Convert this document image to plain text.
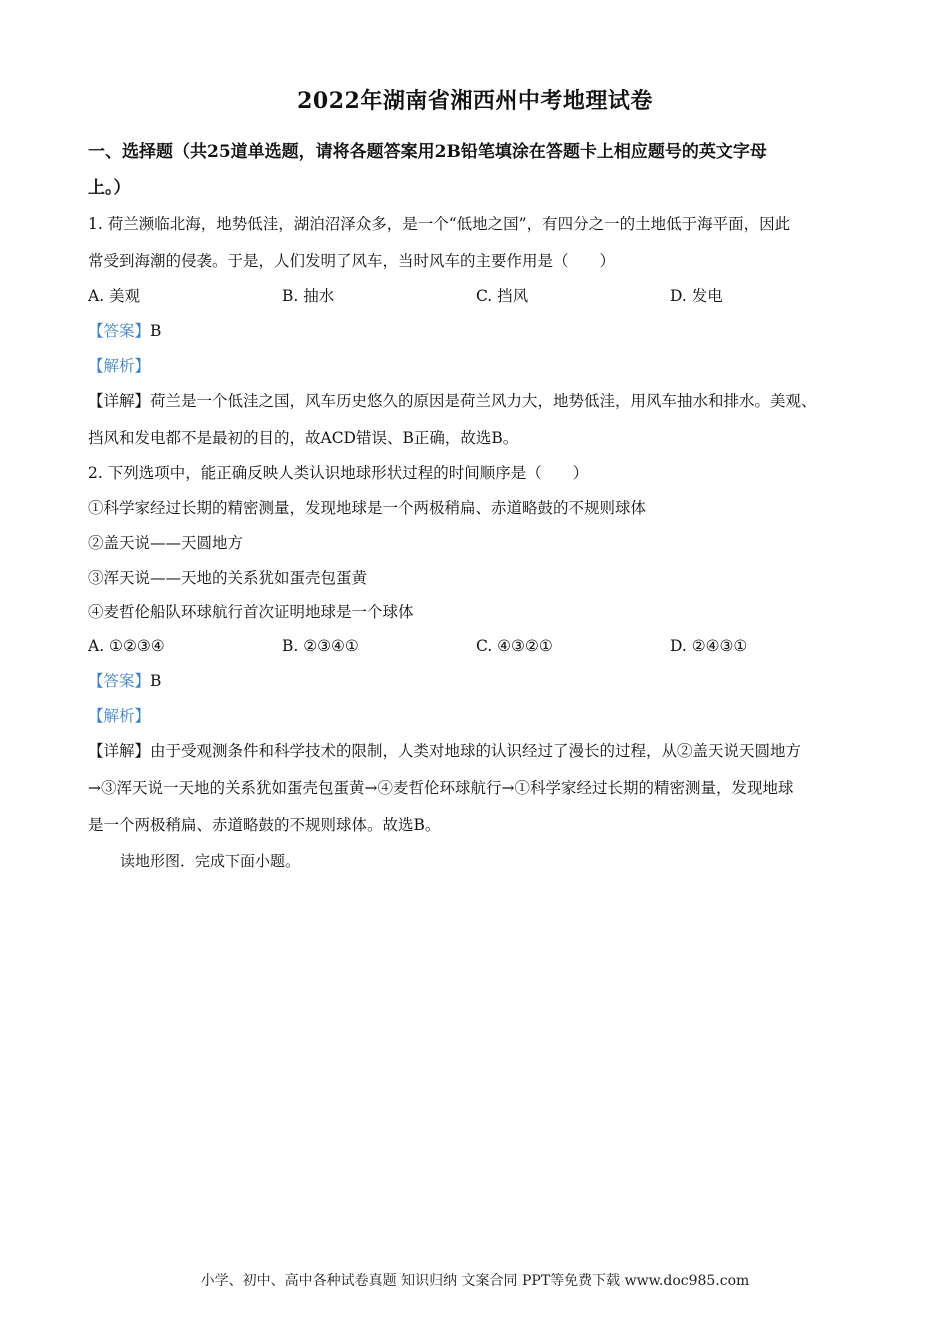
2022年湖南省湘西州中考地理试卷
一、选择题（共25道单选题，请将各题答案用2B铅笔填涂在答题卡上相应题号的英文字母
上。）
1. 荷兰濒临北海，地势低洼，湖泊沼泽众多，是一个“低地之国”，有四分之一的土地低于海平面，因此
常受到海潮的侵袭。于是，人们发明了风车，当时风车的主要作用是（　　）
A. 美观	B. 抽水	C. 挡风	D. 发电
【答案】B
【解析】
【详解】荷兰是一个低洼之国，风车历史悠久的原因是荷兰风力大，地势低洼，用风车抽水和排水。美观、
挡风和发电都不是最初的目的，故ACD错误、B正确，故选B。
2. 下列选项中，能正确反映人类认识地球形状过程的时间顺序是（　　）
①科学家经过长期的精密测量，发现地球是一个两极稍扁、赤道略鼓的不规则球体
②盖天说——天圆地方
③浑天说——天地的关系犹如蛋壳包蛋黄
④麦哲伦船队环球航行首次证明地球是一个球体
A. ①②③④	B. ②③④①	C. ④③②①	D. ②④③①
【答案】B
【解析】
【详解】由于受观测条件和科学技术的限制，人类对地球的认识经过了漫长的过程，从②盖天说天圆地方
→③浑天说一天地的关系犹如蛋壳包蛋黄→④麦哲伦环球航行→①科学家经过长期的精密测量，发现地球
是一个两极稍扁、赤道略鼓的不规则球体。故选B。
读地形图．完成下面小题。
小学、初中、高中各种试卷真题 知识归纳 文案合同 PPT等免费下载 www.doc985.com
